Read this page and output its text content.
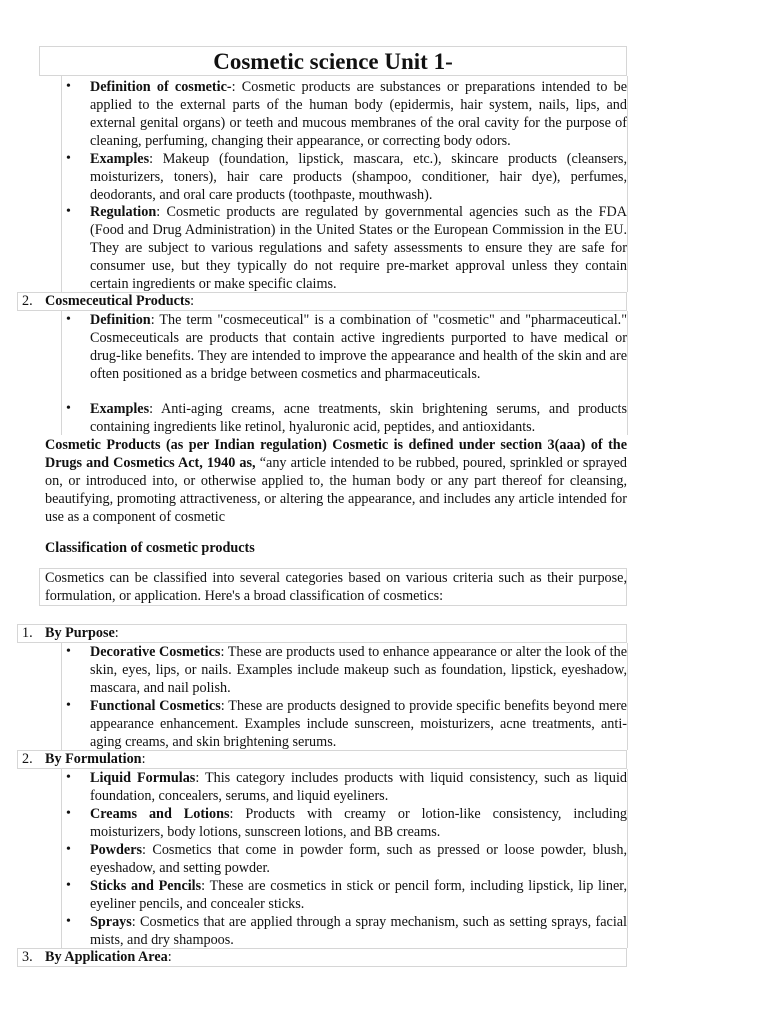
Cosmetic science Unit 1-
• Definition of cosmetic-: Cosmetic products are substances or preparations intended to be applied to the external parts of the human body (epidermis, hair system, nails, lips, and external genital organs) or teeth and mucous membranes of the oral cavity for the purpose of cleaning, perfuming, changing their appearance, or correcting body odors.
• Examples: Makeup (foundation, lipstick, mascara, etc.), skincare products (cleansers, moisturizers, toners), hair care products (shampoo, conditioner, hair dye), perfumes, deodorants, and oral care products (toothpaste, mouthwash).
• Regulation: Cosmetic products are regulated by governmental agencies such as the FDA (Food and Drug Administration) in the United States or the European Commission in the EU. They are subject to various regulations and safety assessments to ensure they are safe for consumer use, but they typically do not require pre-market approval unless they contain certain ingredients or make specific claims.
2. Cosmeceutical Products:
• Definition: The term "cosmeceutical" is a combination of "cosmetic" and "pharmaceutical." Cosmeceuticals are products that contain active ingredients purported to have medical or drug-like benefits. They are intended to improve the appearance and health of the skin and are often positioned as a bridge between cosmetics and pharmaceuticals.
• Examples: Anti-aging creams, acne treatments, skin brightening serums, and products containing ingredients like retinol, hyaluronic acid, peptides, and antioxidants.
Cosmetic Products (as per Indian regulation) Cosmetic is defined under section 3(aaa) of the Drugs and Cosmetics Act, 1940 as, “any article intended to be rubbed, poured, sprinkled or sprayed on, or introduced into, or otherwise applied to, the human body or any part thereof for cleansing, beautifying, promoting attractiveness, or altering the appearance, and includes any article intended for use as a component of cosmetic
Classification of cosmetic products
Cosmetics can be classified into several categories based on various criteria such as their purpose, formulation, or application. Here's a broad classification of cosmetics:
1. By Purpose:
• Decorative Cosmetics: These are products used to enhance appearance or alter the look of the skin, eyes, lips, or nails. Examples include makeup such as foundation, lipstick, eyeshadow, mascara, and nail polish.
• Functional Cosmetics: These are products designed to provide specific benefits beyond mere appearance enhancement. Examples include sunscreen, moisturizers, acne treatments, anti-aging creams, and skin brightening serums.
2. By Formulation:
• Liquid Formulas: This category includes products with liquid consistency, such as liquid foundation, concealers, serums, and liquid eyeliners.
• Creams and Lotions: Products with creamy or lotion-like consistency, including moisturizers, body lotions, sunscreen lotions, and BB creams.
• Powders: Cosmetics that come in powder form, such as pressed or loose powder, blush, eyeshadow, and setting powder.
• Sticks and Pencils: These are cosmetics in stick or pencil form, including lipstick, lip liner, eyeliner pencils, and concealer sticks.
• Sprays: Cosmetics that are applied through a spray mechanism, such as setting sprays, facial mists, and dry shampoos.
3. By Application Area:
